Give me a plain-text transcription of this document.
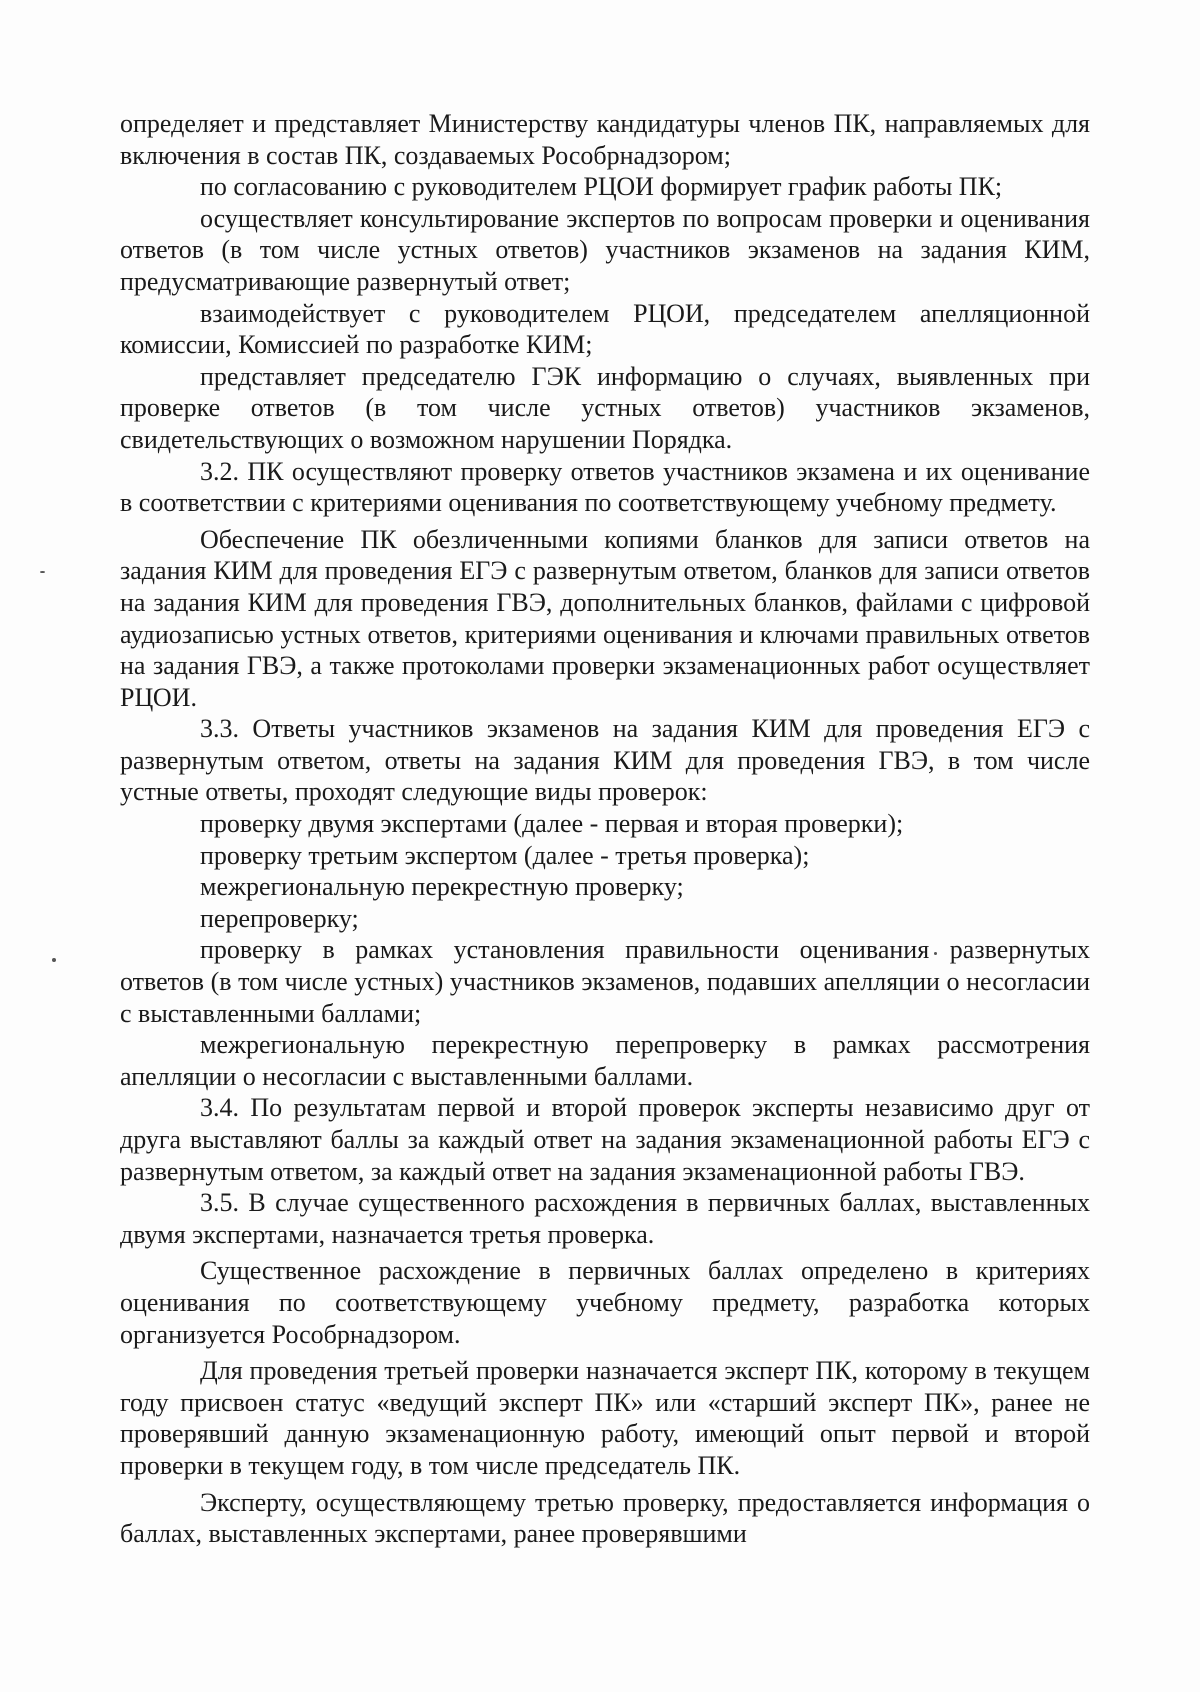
определяет и представляет Министерству кандидатуры членов ПК, направляемых для включения в состав ПК, создаваемых Рособрнадзором;

по согласованию с руководителем РЦОИ формирует график работы ПК;

осуществляет консультирование экспертов по вопросам проверки и оценивания ответов (в том числе устных ответов) участников экзаменов на задания КИМ, предусматривающие развернутый ответ;

взаимодействует с руководителем РЦОИ, председателем апелляционной комиссии, Комиссией по разработке КИМ;

представляет председателю ГЭК информацию о случаях, выявленных при проверке ответов (в том числе устных ответов) участников экзаменов, свидетельствующих о возможном нарушении Порядка.

3.2. ПК осуществляют проверку ответов участников экзамена и их оценивание в соответствии с критериями оценивания по соответствующему учебному предмету.

Обеспечение ПК обезличенными копиями бланков для записи ответов на задания КИМ для проведения ЕГЭ с развернутым ответом, бланков для записи ответов на задания КИМ для проведения ГВЭ, дополнительных бланков, файлами с цифровой аудиозаписью устных ответов, критериями оценивания и ключами правильных ответов на задания ГВЭ, а также протоколами проверки экзаменационных работ осуществляет РЦОИ.

3.3. Ответы участников экзаменов на задания КИМ для проведения ЕГЭ с развернутым ответом, ответы на задания КИМ для проведения ГВЭ, в том числе устные ответы, проходят следующие виды проверок:

проверку двумя экспертами (далее - первая и вторая проверки);

проверку третьим экспертом (далее - третья проверка);

межрегиональную перекрестную проверку;

перепроверку;

проверку в рамках установления правильности оценивания развернутых ответов (в том числе устных) участников экзаменов, подавших апелляции о несогласии с выставленными баллами;

межрегиональную перекрестную перепроверку в рамках рассмотрения апелляции о несогласии с выставленными баллами.

3.4. По результатам первой и второй проверок эксперты независимо друг от друга выставляют баллы за каждый ответ на задания экзаменационной работы ЕГЭ с развернутым ответом, за каждый ответ на задания экзаменационной работы ГВЭ.

3.5. В случае существенного расхождения в первичных баллах, выставленных двумя экспертами, назначается третья проверка.

Существенное расхождение в первичных баллах определено в критериях оценивания по соответствующему учебному предмету, разработка которых организуется Рособрнадзором.

Для проведения третьей проверки назначается эксперт ПК, которому в текущем году присвоен статус «ведущий эксперт ПК» или «старший эксперт ПК», ранее не проверявший данную экзаменационную работу, имеющий опыт первой и второй проверки в текущем году, в том числе председатель ПК.

Эксперту, осуществляющему третью проверку, предоставляется информация о баллах, выставленных экспертами, ранее проверявшими
